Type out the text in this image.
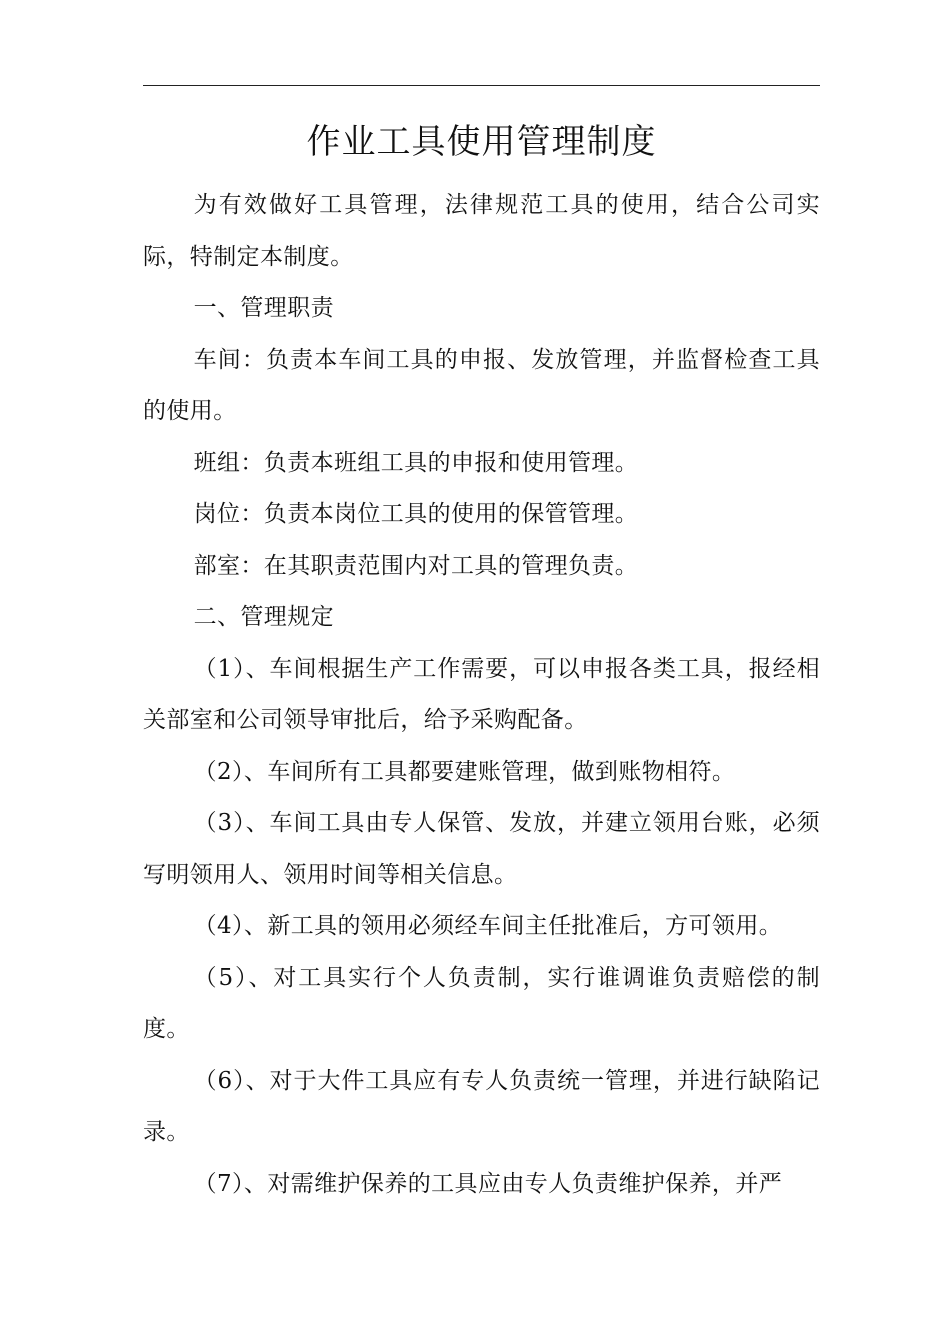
作业工具使用管理制度

为有效做好工具管理，法律规范工具的使用，结合公司实际，特制定本制度。

一、管理职责

车间：负责本车间工具的申报、发放管理，并监督检查工具的使用。

班组：负责本班组工具的申报和使用管理。

岗位：负责本岗位工具的使用的保管管理。

部室：在其职责范围内对工具的管理负责。

二、管理规定

（1）、车间根据生产工作需要，可以申报各类工具，报经相关部室和公司领导审批后，给予采购配备。

（2）、车间所有工具都要建账管理，做到账物相符。

（3）、车间工具由专人保管、发放，并建立领用台账，必须写明领用人、领用时间等相关信息。

（4）、新工具的领用必须经车间主任批准后，方可领用。

（5）、对工具实行个人负责制，实行谁调谁负责赔偿的制度。

（6）、对于大件工具应有专人负责统一管理，并进行缺陷记录。

（7）、对需维护保养的工具应由专人负责维护保养，并严
